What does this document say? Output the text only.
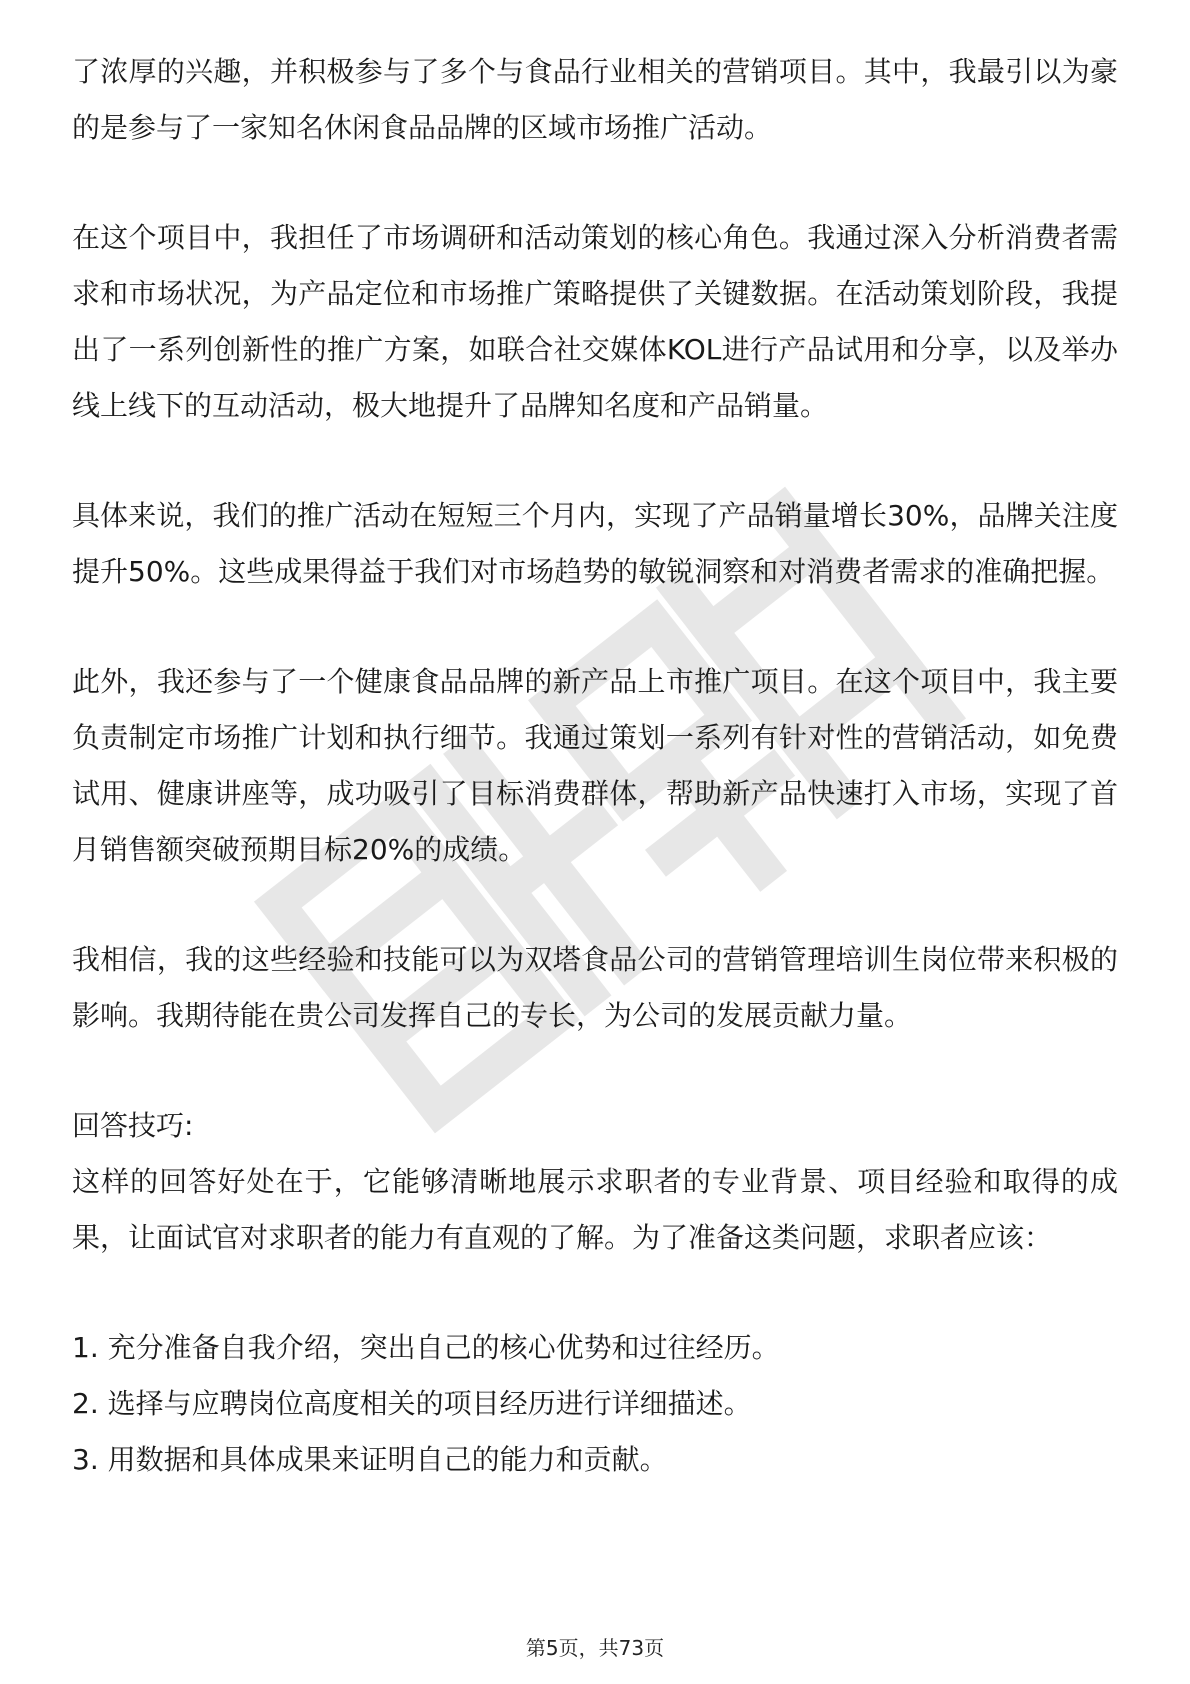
了浓厚的兴趣，并积极参与了多个与食品行业相关的营销项目。其中，我最引以为豪的是参与了一家知名休闲食品品牌的区域市场推广活动。

在这个项目中，我担任了市场调研和活动策划的核心角色。我通过深入分析消费者需求和市场状况，为产品定位和市场推广策略提供了关键数据。在活动策划阶段，我提出了一系列创新性的推广方案，如联合社交媒体KOL进行产品试用和分享，以及举办线上线下的互动活动，极大地提升了品牌知名度和产品销量。

具体来说，我们的推广活动在短短三个月内，实现了产品销量增长30%，品牌关注度提升50%。这些成果得益于我们对市场趋势的敏锐洞察和对消费者需求的准确把握。

此外，我还参与了一个健康食品品牌的新产品上市推广项目。在这个项目中，我主要负责制定市场推广计划和执行细节。我通过策划一系列有针对性的营销活动，如免费试用、健康讲座等，成功吸引了目标消费群体，帮助新产品快速打入市场，实现了首月销售额突破预期目标20%的成绩。

我相信，我的这些经验和技能可以为双塔食品公司的营销管理培训生岗位带来积极的影响。我期待能在贵公司发挥自己的专长，为公司的发展贡献力量。

回答技巧:

这样的回答好处在于，它能够清晰地展示求职者的专业背景、项目经验和取得的成果，让面试官对求职者的能力有直观的了解。为了准备这类问题，求职者应该：

1. 充分准备自我介绍，突出自己的核心优势和过往经历。
2. 选择与应聘岗位高度相关的项目经历进行详细描述。
3. 用数据和具体成果来证明自己的能力和贡献。
第5页，共73页
